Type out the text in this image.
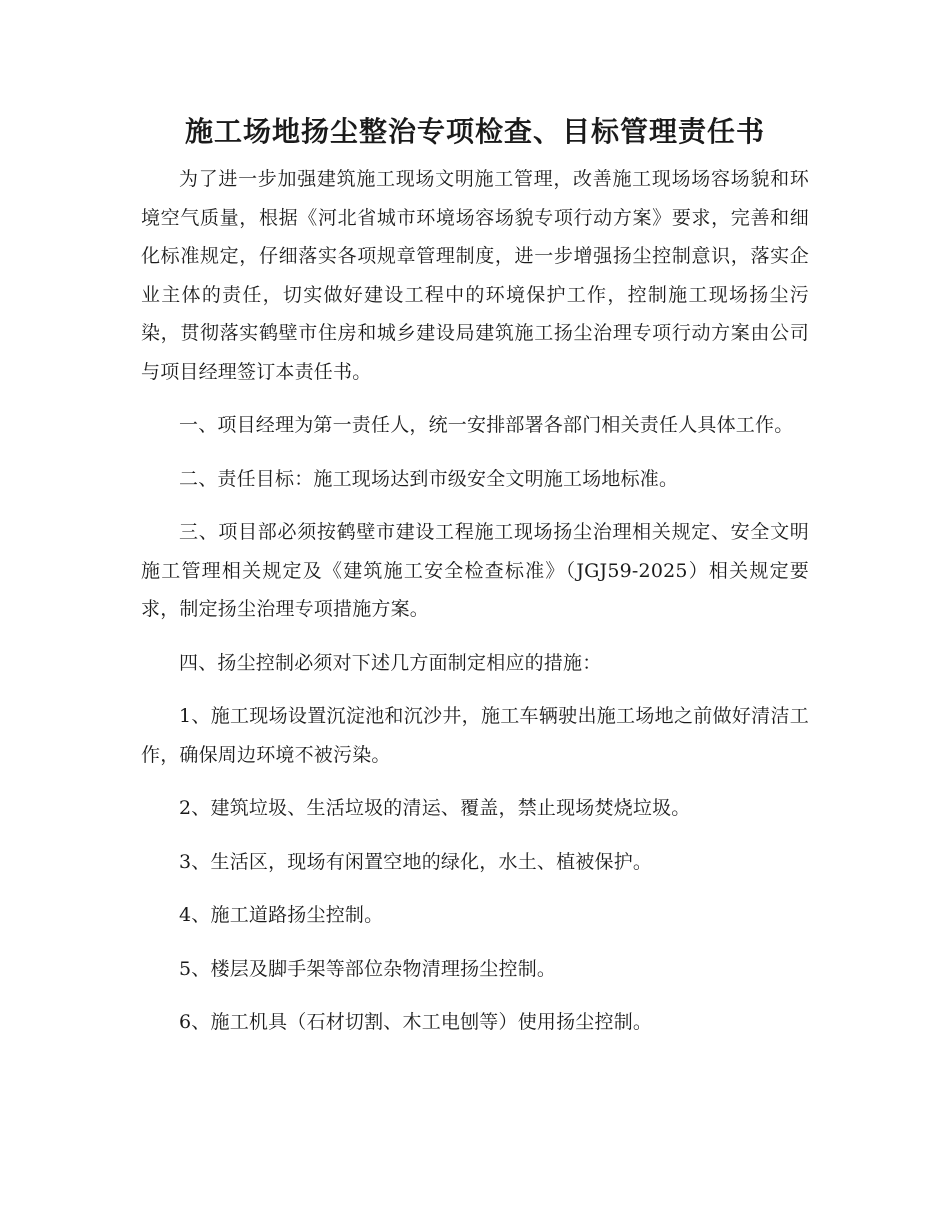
施工场地扬尘整治专项检查、目标管理责任书

为了进一步加强建筑施工现场文明施工管理，改善施工现场场容场貌和环境空气质量，根据《河北省城市环境场容场貌专项行动方案》要求，完善和细化标准规定，仔细落实各项规章管理制度，进一步增强扬尘控制意识，落实企业主体的责任，切实做好建设工程中的环境保护工作，控制施工现场扬尘污染，贯彻落实鹤壁市住房和城乡建设局建筑施工扬尘治理专项行动方案由公司与项目经理签订本责任书。

一、项目经理为第一责任人，统一安排部署各部门相关责任人具体工作。

二、责任目标：施工现场达到市级安全文明施工场地标准。

三、项目部必须按鹤壁市建设工程施工现场扬尘治理相关规定、安全文明施工管理相关规定及《建筑施工安全检查标准》（JGJ59-2025）相关规定要求，制定扬尘治理专项措施方案。

四、扬尘控制必须对下述几方面制定相应的措施：

1、施工现场设置沉淀池和沉沙井，施工车辆驶出施工场地之前做好清洁工作，确保周边环境不被污染。

2、建筑垃圾、生活垃圾的清运、覆盖，禁止现场焚烧垃圾。

3、生活区，现场有闲置空地的绿化，水土、植被保护。

4、施工道路扬尘控制。

5、楼层及脚手架等部位杂物清理扬尘控制。

6、施工机具（石材切割、木工电刨等）使用扬尘控制。
